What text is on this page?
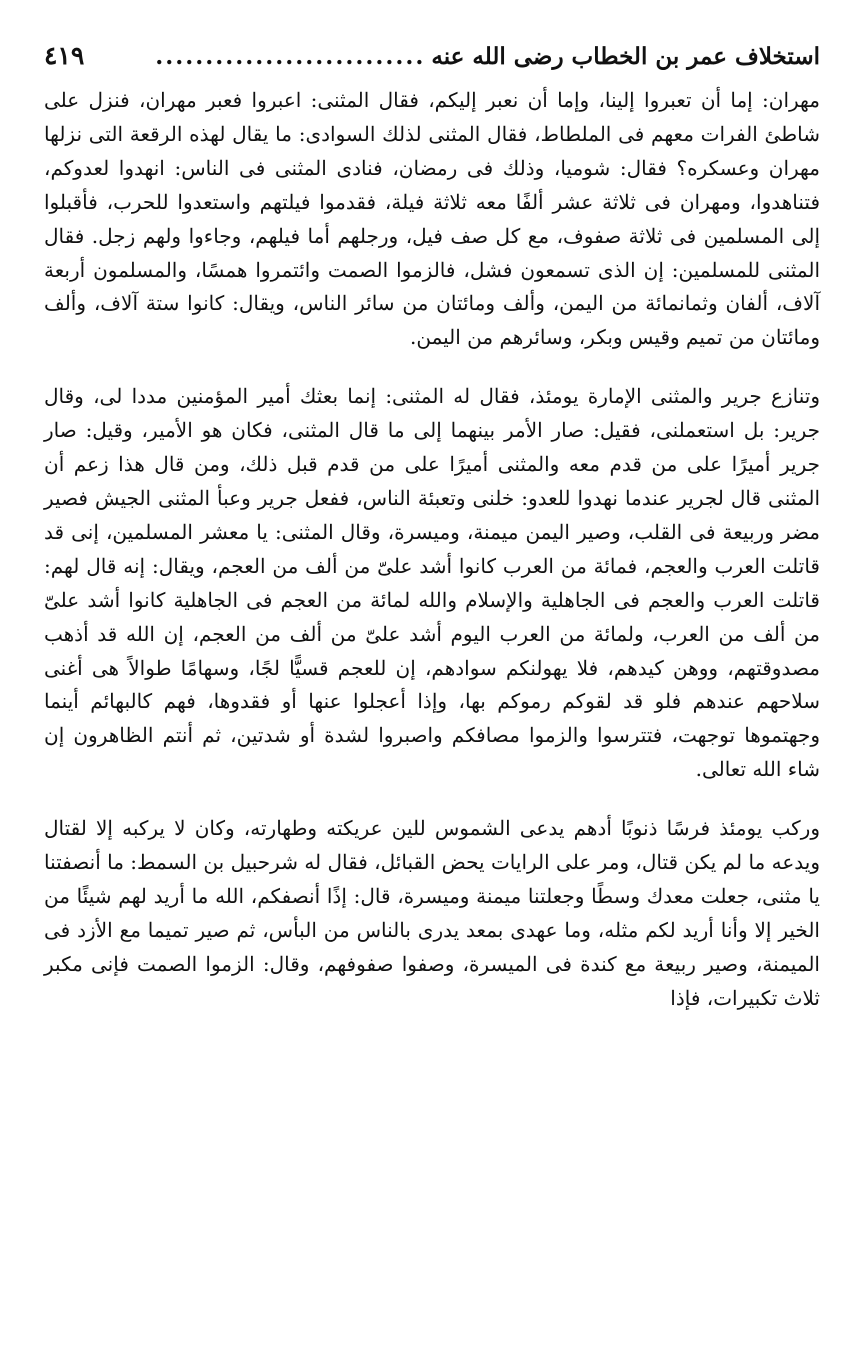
استخلاف عمر بن الخطاب رضى الله عنه
...........................
٤١٩

مهران: إما أن تعبروا إلينا، وإما أن نعبر إليكم، فقال المثنى: اعبروا فعبر مهران، فنزل على شاطئ الفرات معهم فى الملطاط، فقال المثنى لذلك السوادى: ما يقال لهذه الرقعة التى نزلها مهران وعسكره؟ فقال: شوميا، وذلك فى رمضان، فنادى المثنى فى الناس: انهدوا لعدوكم، فتناهدوا، ومهران فى ثلاثة عشر ألفًا معه ثلاثة فيلة، فقدموا فيلتهم واستعدوا للحرب، فأقبلوا إلى المسلمين فى ثلاثة صفوف، مع كل صف فيل، ورجلهم أما فيلهم، وجاءوا ولهم زجل. فقال المثنى للمسلمين: إن الذى تسمعون فشل، فالزموا الصمت وائتمروا همسًا، والمسلمون أربعة آلاف، ألفان وثمانمائة من اليمن، وألف ومائتان من سائر الناس، ويقال: كانوا ستة آلاف، وألف ومائتان من تميم وقيس وبكر، وسائرهم من اليمن.

وتنازع جرير والمثنى الإمارة يومئذ، فقال له المثنى: إنما بعثك أمير المؤمنين مددا لى، وقال جرير: بل استعملنى، فقيل: صار الأمر بينهما إلى ما قال المثنى، فكان هو الأمير، وقيل: صار جرير أميرًا على من قدم معه والمثنى أميرًا على من قدم قبل ذلك، ومن قال هذا زعم أن المثنى قال لجرير عندما نهدوا للعدو: خلنى وتعبئة الناس، ففعل جرير وعبأ المثنى الجيش فصير مضر وربيعة فى القلب، وصير اليمن ميمنة، وميسرة، وقال المثنى: يا معشر المسلمين، إنى قد قاتلت العرب والعجم، فمائة من العرب كانوا أشد علىّ من ألف من العجم، ويقال: إنه قال لهم: قاتلت العرب والعجم فى الجاهلية والإسلام والله لمائة من العجم فى الجاهلية كانوا أشد علىّ من ألف من العرب، ولمائة من العرب اليوم أشد علىّ من ألف من العجم، إن الله قد أذهب مصدوقتهم، ووهن كيدهم، فلا يهولنكم سوادهم، إن للعجم قسيًّا لجًا، وسهامًا طوالاً هى أغنى سلاحهم عندهم فلو قد لقوكم رموكم بها، وإذا أعجلوا عنها أو فقدوها، فهم كالبهائم أينما وجهتموها توجهت، فتترسوا والزموا مصافكم واصبروا لشدة أو شدتين، ثم أنتم الظاهرون إن شاء الله تعالى.

وركب يومئذ فرسًا ذنوبًا أدهم يدعى الشموس للين عريكته وطهارته، وكان لا يركبه إلا لقتال ويدعه ما لم يكن قتال، ومر على الرايات يحض القبائل، فقال له شرحبيل بن السمط: ما أنصفتنا يا مثنى، جعلت معدك وسطًا وجعلتنا ميمنة وميسرة، قال: إذًا أنصفكم، الله ما أريد لهم شيئًا من الخير إلا وأنا أريد لكم مثله، وما عهدى بمعد يدرى بالناس من البأس، ثم صير تميما مع الأزد فى الميمنة، وصير ربيعة مع كندة فى الميسرة، وصفوا صفوفهم، وقال: الزموا الصمت فإنى مكبر ثلاث تكبيرات، فإذا
